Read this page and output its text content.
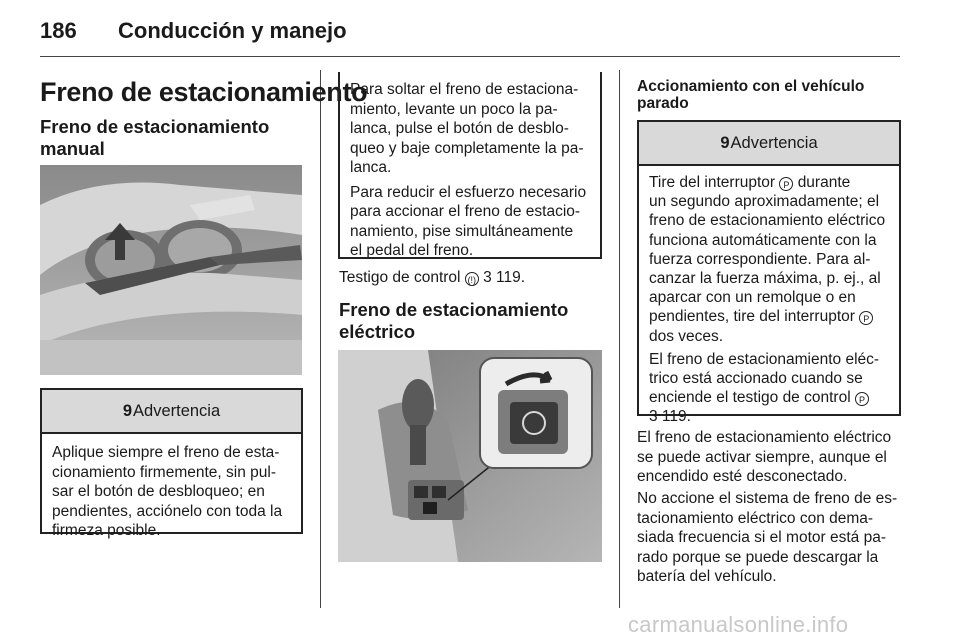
186 Conducción y manejo
Freno de estacionamiento
Freno de estacionamiento
manual
9 Advertencia
Aplique siempre el freno de esta-
cionamiento firmemente, sin pul-
sar el botón de desbloqueo; en
pendientes, acciónelo con toda la
firmeza posible.
Para soltar el freno de estaciona-
miento, levante un poco la pa-
lanca, pulse el botón de desblo-
queo y baje completamente la pa-
lanca.
Para reducir el esfuerzo necesario
para accionar el freno de estacio-
namiento, pise simultáneamente
el pedal del freno.
Testigo de control (!) 3 119.
Freno de estacionamiento
eléctrico
Accionamiento con el vehículo
parado
9 Advertencia
Tire del interruptor P durante
un segundo aproximadamente; el
freno de estacionamiento eléctrico
funciona automáticamente con la
fuerza correspondiente. Para al-
canzar la fuerza máxima, p. ej., al
aparcar con un remolque o en
pendientes, tire del interruptor P
dos veces.
El freno de estacionamiento eléc-
trico está accionado cuando se
enciende el testigo de control P
3 119.
El freno de estacionamiento eléctrico
se puede activar siempre, aunque el
encendido esté desconectado.
No accione el sistema de freno de es-
tacionamiento eléctrico con dema-
siada frecuencia si el motor está pa-
rado porque se puede descargar la
batería del vehículo.
carmanualsonline.info
